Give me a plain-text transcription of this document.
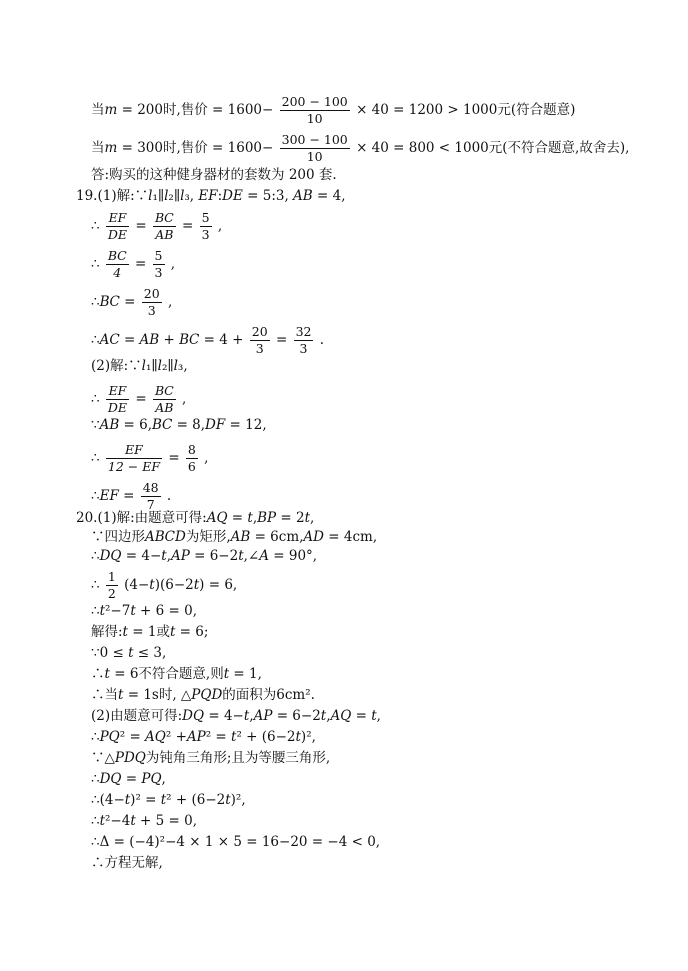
当𝑚 = 200时,售价 = $1600- \frac{200 - 100}{10} \times 40 = 1200 > 1000$元(符合题意)
当𝑚 = 300时,售价 = $1600- \frac{300 - 100}{10} \times 40 = 800 < 1000$元(不符合题意,故舍去),
答:购买的这种健身器材的套数为 200 套.
19.(1)解:∵𝑙₁∥𝑙₂∥𝑙₃, 𝐸𝐹:𝐷𝐸 = 5:3, 𝐴𝐵 = 4,
∴ $\frac{\text{𝐸𝐹}}{\text{𝐷𝐸}} = \frac{\text{𝐵𝐶}}{\text{𝐴𝐵}} = \frac{5}{3}$ ,
∴ $\frac{\text{𝐵𝐶}}{4} = \frac{5}{3}$ ,
∴𝐵𝐶 = $\frac{20}{3}$ ,
∴𝐴𝐶 = 𝐴𝐵 + 𝐵𝐶 = $4 + \frac{20}{3} = \frac{32}{3}$ .
(2)解:∵𝑙₁∥𝑙₂∥𝑙₃,
∴ $\frac{\text{𝐸𝐹}}{\text{𝐷𝐸}} = \frac{\text{𝐵𝐶}}{\text{𝐴𝐵}}$ ,
∵𝐴𝐵 = 6,𝐵𝐶 = 8,𝐷𝐹 = 12,
∴ $\frac{\text{𝐸𝐹}}{\text{12 − 𝐸𝐹}} = \frac{8}{6}$ ,
∴𝐸𝐹 = $\frac{48}{7}$ .
20.(1)解:由题意可得:𝐴𝑄 = 𝑡,𝐵𝑃 = 2𝑡,
∵四边形𝐴𝐵𝐶𝐷为矩形,𝐴𝐵 = 6cm,𝐴𝐷 = 4cm,
∴𝐷𝑄 = 4−𝑡,𝐴𝑃 = 6−2𝑡,∠𝐴 = 90°,
∴ $\frac{1}{2}$ (4−𝑡)(6−2𝑡) = 6,
∴𝑡²−7𝑡 + 6 = 0,
解得:𝑡 = 1或𝑡 = 6;
∵0 ≤ 𝑡 ≤ 3,
∴𝑡 = 6不符合题意,则𝑡 = 1,
∴当𝑡 = 1s时, △𝑃𝑄𝐷的面积为6cm².
(2)由题意可得:𝐷𝑄 = 4−𝑡,𝐴𝑃 = 6−2𝑡,𝐴𝑄 = 𝑡,
∴𝑃𝑄² = 𝐴𝑄² +𝐴𝑃² = 𝑡² + (6−2𝑡)²,
∵△𝑃𝐷𝑄为钝角三角形;且为等腰三角形,
∴𝐷𝑄 = 𝑃𝑄,
∴(4−𝑡)² = 𝑡² + (6−2𝑡)²,
∴𝑡²−4𝑡 + 5 = 0,
∴Δ = (−4)²−4 × 1 × 5 = 16−20 = −4 < 0,
∴方程无解,
